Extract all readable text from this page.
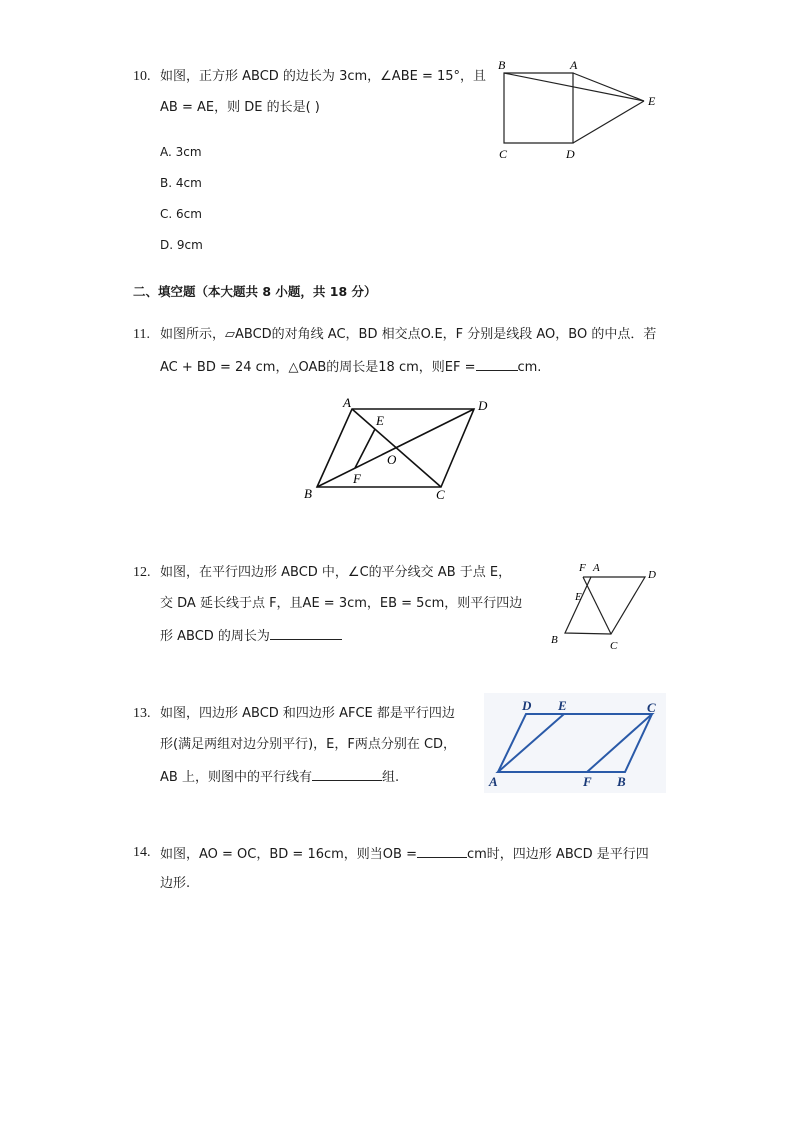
10. 如图，正方形 ABCD 的边长为 3cm，∠ABE = 15°，且
AB = AE，则 DE 的长是( )
A. 3cm
B. 4cm
C. 6cm
D. 9cm
B	A
E
C	D
二、填空题（本大题共 8 小题，共 18 分）
11. 如图所示，▱ABCD的对角线 AC，BD 相交点O.E，F 分别是线段 AO，BO 的中点．若
AC + BD = 24 cm，△OAB的周长是18 cm，则EF =	cm.
A	D
E
O
F
B	C
12. 如图，在平行四边形 ABCD 中，∠C的平分线交 AB 于点 E，
交 DA 延长线于点 F，且AE = 3cm，EB = 5cm，则平行四边
形 ABCD 的周长为
F A
D
E
B	C
13. 如图，四边形 ABCD 和四边形 AFCE 都是平行四边
形(满足两组对边分别平行)，E，F两点分别在 CD，
AB 上，则图中的平行线有	组.
D E	C
A	F B
14. 如图，AO = OC，BD = 16cm，则当OB =	cm时，四边形 ABCD 是平行四
边形.
